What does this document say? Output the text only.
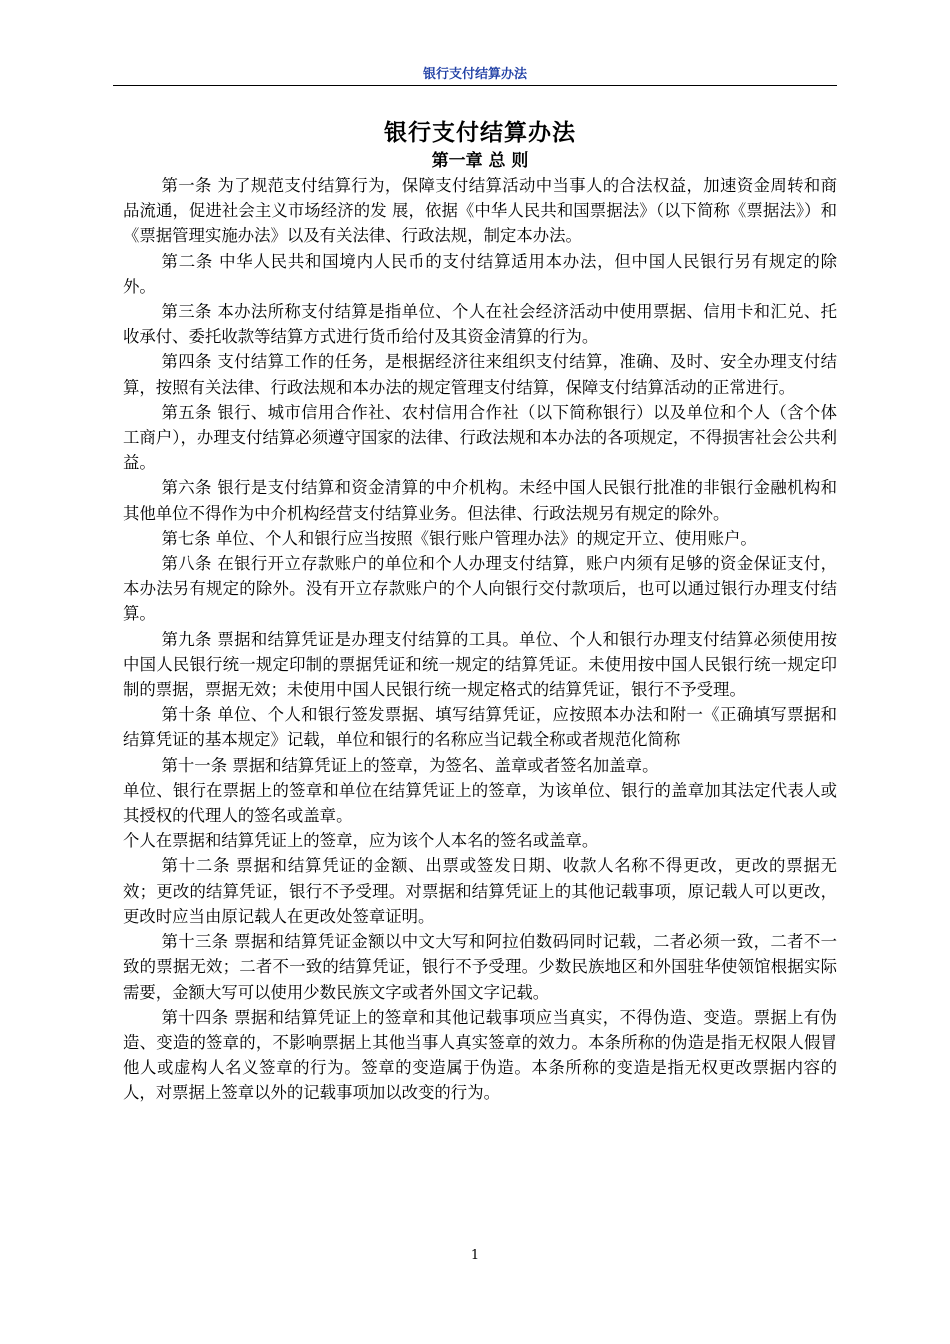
银行支付结算办法
银行支付结算办法
第一章 总 则

第一条 为了规范支付结算行为，保障支付结算活动中当事人的合法权益，加速资金周转和商品流通，促进社会主义市场经济的发 展，依据《中华人民共和国票据法》（以下简称《票据法》）和《票据管理实施办法》以及有关法律、行政法规，制定本办法。

第二条 中华人民共和国境内人民币的支付结算适用本办法，但中国人民银行另有规定的除外。

第三条 本办法所称支付结算是指单位、个人在社会经济活动中使用票据、信用卡和汇兑、托收承付、委托收款等结算方式进行货币给付及其资金清算的行为。

第四条 支付结算工作的任务，是根据经济往来组织支付结算，准确、及时、安全办理支付结算，按照有关法律、行政法规和本办法的规定管理支付结算，保障支付结算活动的正常进行。

第五条 银行、城市信用合作社、农村信用合作社（以下简称银行）以及单位和个人（含个体工商户），办理支付结算必须遵守国家的法律、行政法规和本办法的各项规定，不得损害社会公共利益。

第六条 银行是支付结算和资金清算的中介机构。未经中国人民银行批准的非银行金融机构和其他单位不得作为中介机构经营支付结算业务。但法律、行政法规另有规定的除外。

第七条 单位、个人和银行应当按照《银行账户管理办法》的规定开立、使用账户。

第八条 在银行开立存款账户的单位和个人办理支付结算，账户内须有足够的资金保证支付，本办法另有规定的除外。没有开立存款账户的个人向银行交付款项后，也可以通过银行办理支付结算。

第九条 票据和结算凭证是办理支付结算的工具。单位、个人和银行办理支付结算必须使用按中国人民银行统一规定印制的票据凭证和统一规定的结算凭证。未使用按中国人民银行统一规定印制的票据，票据无效；未使用中国人民银行统一规定格式的结算凭证，银行不予受理。

第十条 单位、个人和银行签发票据、填写结算凭证，应按照本办法和附一《正确填写票据和结算凭证的基本规定》记载，单位和银行的名称应当记载全称或者规范化简称

第十一条 票据和结算凭证上的签章，为签名、盖章或者签名加盖章。

单位、银行在票据上的签章和单位在结算凭证上的签章，为该单位、银行的盖章加其法定代表人或其授权的代理人的签名或盖章。

个人在票据和结算凭证上的签章，应为该个人本名的签名或盖章。

第十二条 票据和结算凭证的金额、出票或签发日期、收款人名称不得更改，更改的票据无效；更改的结算凭证，银行不予受理。对票据和结算凭证上的其他记载事项，原记载人可以更改，更改时应当由原记载人在更改处签章证明。

第十三条 票据和结算凭证金额以中文大写和阿拉伯数码同时记载，二者必须一致，二者不一致的票据无效；二者不一致的结算凭证，银行不予受理。少数民族地区和外国驻华使领馆根据实际需要，金额大写可以使用少数民族文字或者外国文字记载。

第十四条 票据和结算凭证上的签章和其他记载事项应当真实，不得伪造、变造。票据上有伪造、变造的签章的，不影响票据上其他当事人真实签章的效力。本条所称的伪造是指无权限人假冒他人或虚构人名义签章的行为。签章的变造属于伪造。本条所称的变造是指无权更改票据内容的人，对票据上签章以外的记载事项加以改变的行为。

1
